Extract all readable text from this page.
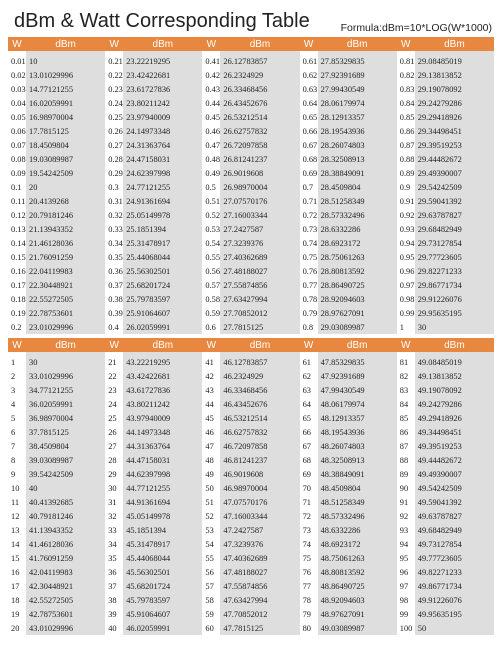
dBm & Watt Corresponding Table	Formula:dBm=10*LOG(W*1000)
W	dBm	W	dBm	W	dBm	W	dBm	W	dBm
0.01	10	0.21	23.22219295	0.41	26.12783857	0.61	27.85329835	0.81	29.08485019
0.02	13.01029996	0.22	23.42422681	0.42	26.2324929	0.62	27.92391689	0.82	29.13813852
0.03	14.77121255	0.23	23.61727836	0.43	26.33468456	0.63	27.99430549	0.83	29.19078092
0.04	16.02059991	0.24	23.80211242	0.44	26.43452676	0.64	28.06179974	0.84	29.24279286
0.05	16.98970004	0.25	23.97940009	0.45	26.53212514	0.65	28.12913357	0.85	29.29418926
0.06	17.7815125	0.26	24.14973348	0.46	26.62757832	0.66	28.19543936	0.86	29.34498451
0.07	18.4509804	0.27	24.31363764	0.47	26.72097858	0.67	28.26074803	0.87	29.39519253
0.08	19.03089987	0.28	24.47158031	0.48	26.81241237	0.68	28.32508913	0.88	29.44482672
0.09	19.54242509	0.29	24.62397998	0.49	26.9019608	0.69	28.38849091	0.89	29.49390007
0.1	20	0.3	24.77121255	0.5	26.98970004	0.7	28.4509804	0.9	29.54242509
0.11	20.4139268	0.31	24.91361694	0.51	27.07570176	0.71	28.51258349	0.91	29.59041392
0.12	20.79181246	0.32	25.05149978	0.52	27.16003344	0.72	28.57332496	0.92	29.63787827
0.13	21.13943352	0.33	25.1851394	0.53	27.2427587	0.73	28.6332286	0.93	29.68482949
0.14	21.46128036	0.34	25.31478917	0.54	27.3239376	0.74	28.6923172	0.94	29.73127854
0.15	21.76091259	0.35	25.44068044	0.55	27.40362689	0.75	28.75061263	0.95	29.77723605
0.16	22.04119983	0.36	25.56302501	0.56	27.48188027	0.76	28.80813592	0.96	29.82271233
0.17	22.30448921	0.37	25.68201724	0.57	27.55874856	0.77	28.86490725	0.97	29.86771734
0.18	22.55272505	0.38	25.79783597	0.58	27.63427994	0.78	28.92094603	0.98	29.91226076
0.19	22.78753601	0.39	25.91064607	0.59	27.70852012	0.79	28.97627091	0.99	29.95635195
0.2	23.01029996	0.4	26.02059991	0.6	27.7815125	0.8	29.03089987	1	30
W	dBm	W	dBm	W	dBm	W	dBm	W	dBm
1	30	21	43.22219295	41	46.12783857	61	47.85329835	81	49.08485019
2	33.01029996	22	43.42422681	42	46.2324929	62	47.92391689	82	49.13813852
3	34.77121255	23	43.61727836	43	46.33468456	63	47.99430549	83	49.19078092
4	36.02059991	24	43.80211242	44	46.43452676	64	48.06179974	84	49.24279286
5	36.98970004	25	43.97940009	45	46.53212514	65	48.12913357	85	49.29418926
6	37.7815125	26	44.14973348	46	46.62757832	66	48.19543936	86	49.34498451
7	38.4509804	27	44.31363764	47	46.72097858	67	48.26074803	87	49.39519253
8	39.03089987	28	44.47158031	48	46.81241237	68	48.32508913	88	49.44482672
9	39.54242509	29	44.62397998	49	46.9019608	69	48.38849091	89	49.49390007
10	40	30	44.77121255	50	46.98970004	70	48.4509804	90	49.54242509
11	40.41392685	31	44.91361694	51	47.07570176	71	48.51258349	91	49.59041392
12	40.79181246	32	45.05149978	52	47.16003344	72	48.57332496	92	49.63787827
13	41.13943352	33	45.1851394	53	47.2427587	73	48.6332286	93	49.68482949
14	41.46128036	34	45.31478917	54	47.3239376	74	48.6923172	94	49.73127854
15	41.76091259	35	45.44068044	55	47.40362689	75	48.75061263	95	49.77723605
16	42.04119983	36	45.56302501	56	47.48188027	76	48.80813592	96	49.82271233
17	42.30448921	37	45.68201724	57	47.55874856	77	48.86490725	97	49.86771734
18	42.55272505	38	45.79783597	58	47.63427994	78	48.92094603	98	49.91226076
19	42.78753601	39	45.91064607	59	47.70852012	79	48.97627091	99	49.95635195
20	43.01029996	40	46.02059991	60	47.7815125	80	49.03089987	100	50
